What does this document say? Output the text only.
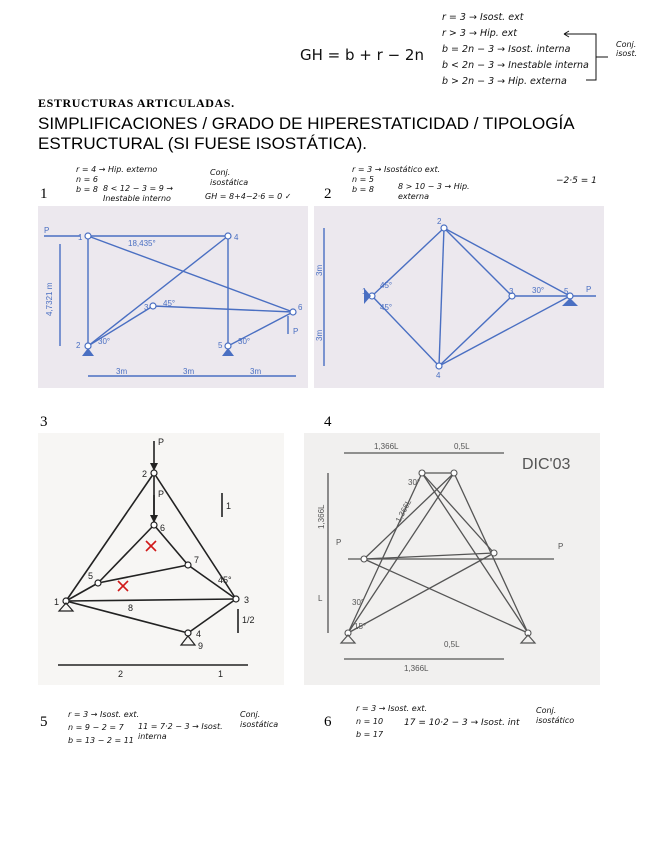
GH = b + r − 2n
r = 3 → Isost. ext
r > 3 → Hip. ext
b = 2n − 3 → Isost. interna
b < 2n − 3 → Inestable interna
b > 2n − 3 → Hip. externa
Conj. isost.
ESTRUCTURAS ARTICULADAS.
SIMPLIFICACIONES / GRADO DE HIPERESTATICIDAD / TIPOLOGÍA ESTRUCTURAL (SI FUESE ISOSTÁTICA).
1
r = 4 → Hip. externo
n = 6
b = 8 8 < 12 − 3 = 9 → Inestable interno
Conj. isostática
GH = 8+4−2·6 = 0 ✓
P
P
18,435°
45°
30°	30°
3m	3m	3m
1	4
3	6
2	5
4,7321 m
2
r = 3 → Isostático ext.
n = 5
b = 8	8 > 10 − 3 → Hip. externa
−2·5 = 1
P
45°
45°
30°
1
2
3	5
4
3m
3m
3
P
P
1
1/2
2	1
45°
2
1	3
4
5
6
7
8
9
4
DIC'03
P	P
1,366L	0,5L
1,366L
0,5L
1,366L
L
30°
30°
15°
1,366L
5	r = 3 → Isost. ext.
n = 9 − 2 = 7
b = 13 − 2 = 11
11 = 7·2 − 3 → Isost. interna
Conj. isostática	6
r = 3 → Isost. ext.
n = 10
b = 17
17 = 10·2 − 3 → Isost. int
Conj. isostático
